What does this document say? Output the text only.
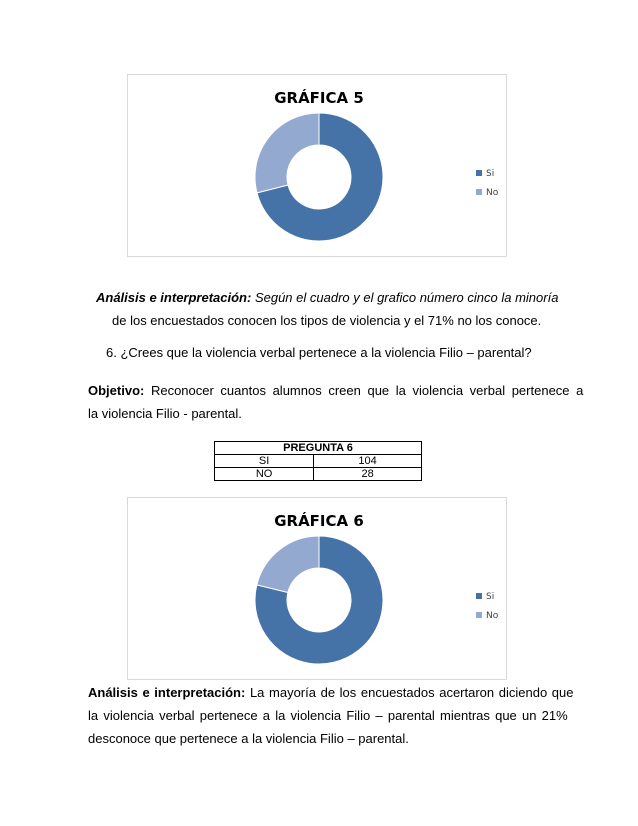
GRÁFICA 5
Si
No

Análisis e interpretación: Según el cuadro y el grafico número cinco la minoría

de los encuestados conocen los tipos de violencia y el 71% no los conoce.

6. ¿Crees que la violencia verbal pertenece a la violencia Filio – parental?

Objetivo: Reconocer cuantos alumnos creen que la violencia verbal pertenece a

la violencia Filio - parental.

PREGUNTA 6	
SI	104
NO	28
GRÁFICA 6
Si
No

Análisis e interpretación: La mayoría de los encuestados acertaron diciendo que

la violencia verbal pertenece a la violencia Filio – parental mientras que un 21%

desconoce que pertenece a la violencia Filio – parental.
